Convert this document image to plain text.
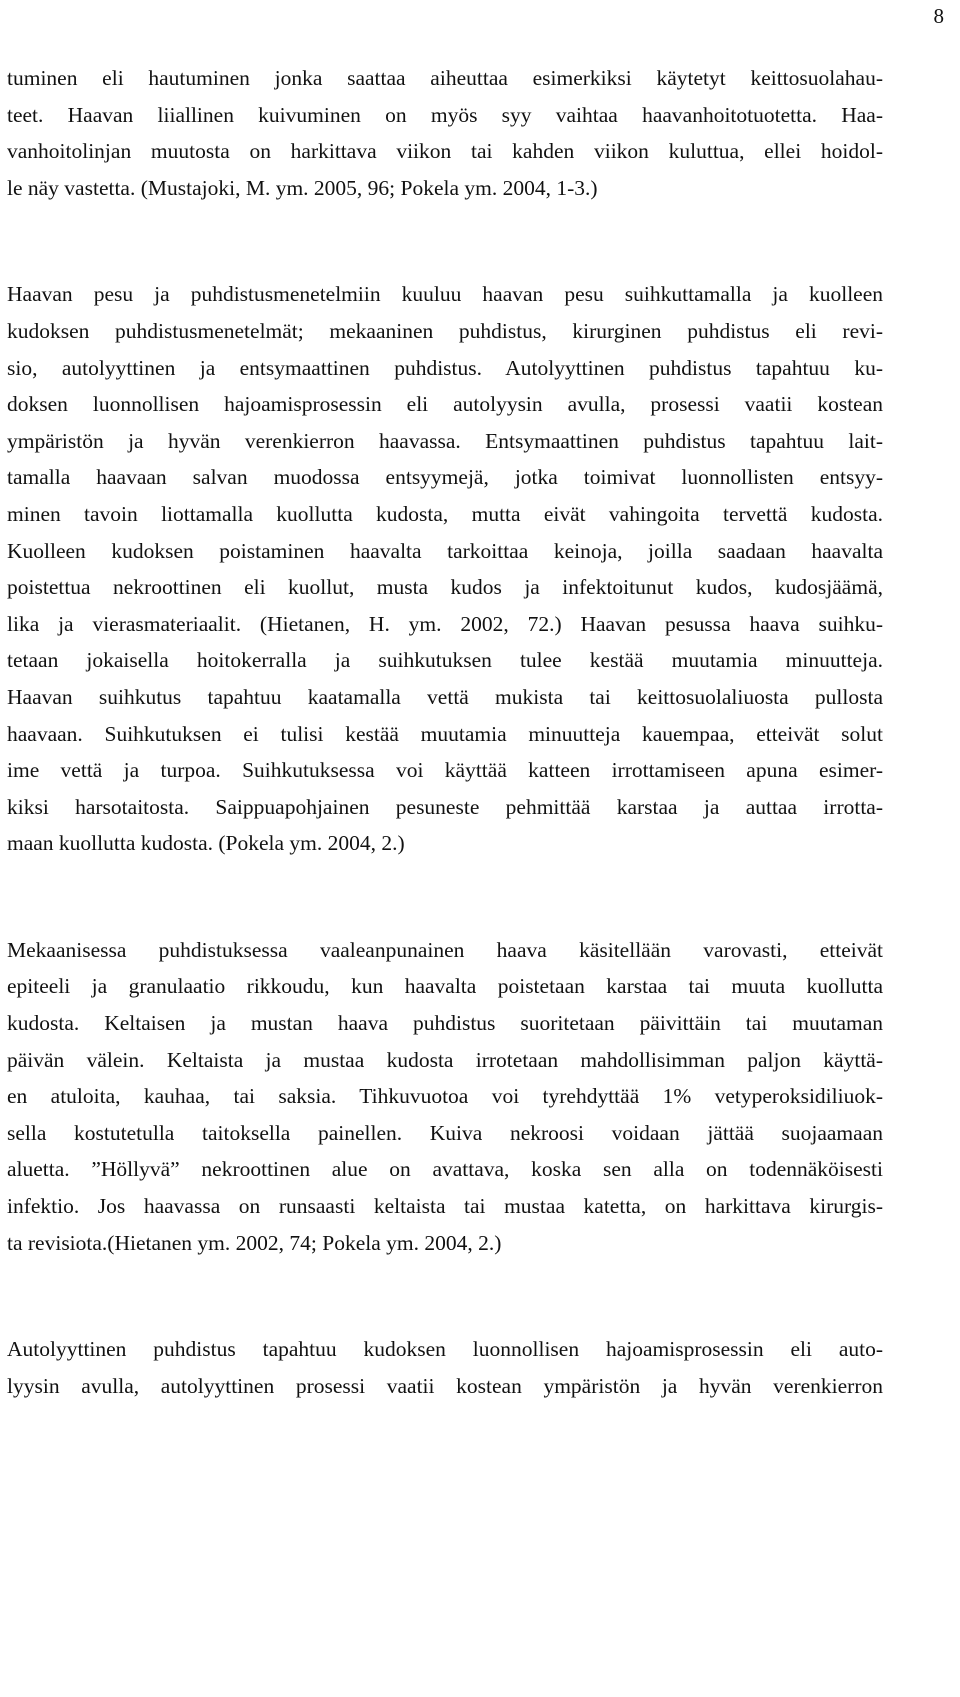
8
tuminen eli hautuminen jonka saattaa aiheuttaa esimerkiksi käytetyt keittosuolahau-
teet. Haavan liiallinen kuivuminen on myös syy vaihtaa haavanhoitotuotetta. Haa-
vanhoitolinjan muutosta on harkittava viikon tai kahden viikon kuluttua, ellei hoidol-
le näy vastetta. (Mustajoki, M. ym. 2005, 96; Pokela ym. 2004, 1-3.)
Haavan pesu ja puhdistusmenetelmiin kuuluu haavan pesu suihkuttamalla ja kuolleen
kudoksen puhdistusmenetelmät; mekaaninen puhdistus, kirurginen puhdistus eli revi-
sio, autolyyttinen ja entsymaattinen puhdistus. Autolyyttinen puhdistus tapahtuu ku-
doksen luonnollisen hajoamisprosessin eli autolyysin avulla, prosessi vaatii kostean
ympäristön ja hyvän verenkierron haavassa. Entsymaattinen puhdistus tapahtuu lait-
tamalla haavaan salvan muodossa entsyymejä, jotka toimivat luonnollisten entsyy-
minen tavoin liottamalla kuollutta kudosta, mutta eivät vahingoita tervettä kudosta.
Kuolleen kudoksen poistaminen haavalta tarkoittaa keinoja, joilla saadaan haavalta
poistettua nekroottinen eli kuollut, musta kudos ja infektoitunut kudos, kudosjäämä,
lika ja vierasmateriaalit. (Hietanen, H. ym. 2002, 72.) Haavan pesussa haava suihku-
tetaan jokaisella hoitokerralla ja suihkutuksen tulee kestää muutamia minuutteja.
Haavan suihkutus tapahtuu kaatamalla vettä mukista tai keittosuolaliuosta pullosta
haavaan. Suihkutuksen ei tulisi kestää muutamia minuutteja kauempaa, etteivät solut
ime vettä ja turpoa. Suihkutuksessa voi käyttää katteen irrottamiseen apuna esimer-
kiksi harsotaitosta. Saippuapohjainen pesuneste pehmittää karstaa ja auttaa irrotta-
maan kuollutta kudosta. (Pokela ym. 2004, 2.)
Mekaanisessa puhdistuksessa vaaleanpunainen haava käsitellään varovasti, etteivät
epiteeli ja granulaatio rikkoudu, kun haavalta poistetaan karstaa tai muuta kuollutta
kudosta. Keltaisen ja mustan haava puhdistus suoritetaan päivittäin tai muutaman
päivän välein. Keltaista ja mustaa kudosta irrotetaan mahdollisimman paljon käyttä-
en atuloita, kauhaa, tai saksia. Tihkuvuotoa voi tyrehdyttää 1% vetyperoksidiliuok-
sella kostutetulla taitoksella painellen. Kuiva nekroosi voidaan jättää suojaamaan
aluetta. ”Höllyvä” nekroottinen alue on avattava, koska sen alla on todennäköisesti
infektio. Jos haavassa on runsaasti keltaista tai mustaa katetta, on harkittava kirurgis-
ta revisiota.(Hietanen ym. 2002, 74; Pokela ym. 2004, 2.)
Autolyyttinen puhdistus tapahtuu kudoksen luonnollisen hajoamisprosessin eli auto-
lyysin avulla, autolyyttinen prosessi vaatii kostean ympäristön ja hyvän verenkierron
